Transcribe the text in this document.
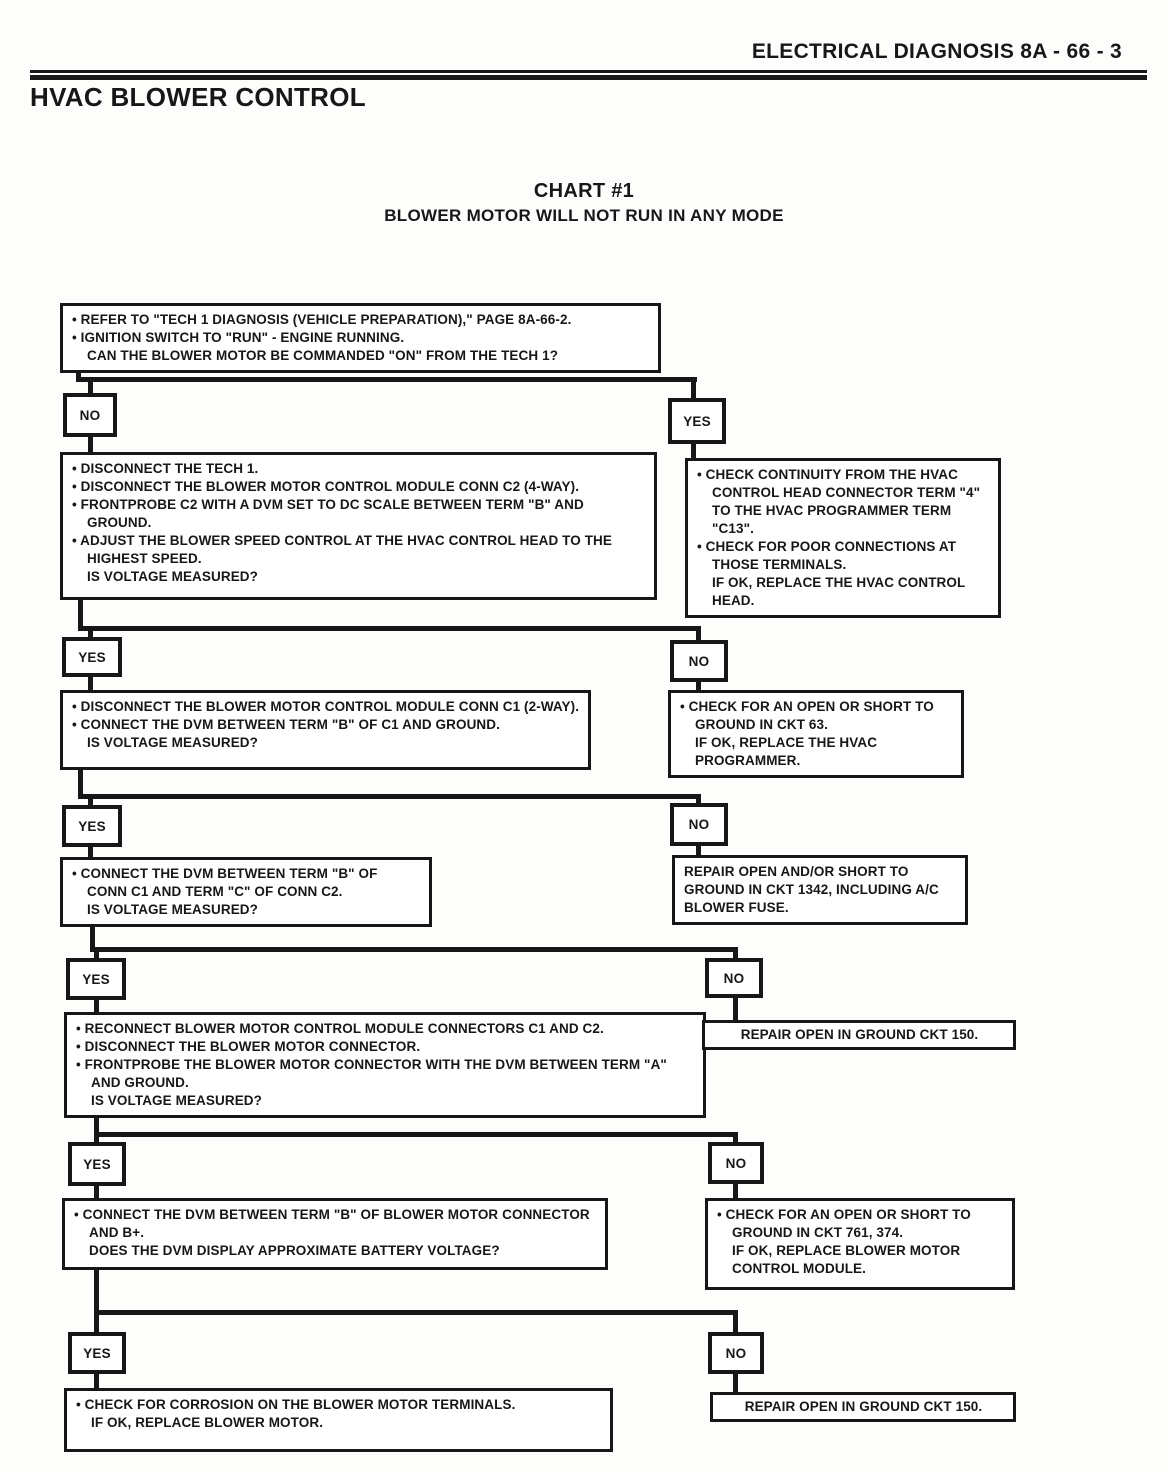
ELECTRICAL DIAGNOSIS 8A - 66 - 3
HVAC BLOWER CONTROL
CHART #1
BLOWER MOTOR WILL NOT RUN IN ANY MODE
• REFER TO "TECH 1 DIAGNOSIS (VEHICLE PREPARATION)," PAGE 8A-66-2.
• IGNITION SWITCH TO "RUN" - ENGINE RUNNING.
CAN THE BLOWER MOTOR BE COMMANDED "ON" FROM THE TECH 1?
• DISCONNECT THE TECH 1.
• DISCONNECT THE BLOWER MOTOR CONTROL MODULE CONN C2 (4-WAY).
• FRONTPROBE C2 WITH A DVM SET TO DC SCALE BETWEEN TERM "B" AND GROUND.
• ADJUST THE BLOWER SPEED CONTROL AT THE HVAC CONTROL HEAD TO THE HIGHEST SPEED.
IS VOLTAGE MEASURED?
• CHECK CONTINUITY FROM THE HVAC CONTROL HEAD CONNECTOR TERM "4" TO THE HVAC PROGRAMMER TERM "C13".
• CHECK FOR POOR CONNECTIONS AT THOSE TERMINALS.
IF OK, REPLACE THE HVAC CONTROL HEAD.
• DISCONNECT THE BLOWER MOTOR CONTROL MODULE CONN C1 (2-WAY).
• CONNECT THE DVM BETWEEN TERM "B" OF C1 AND GROUND.
IS VOLTAGE MEASURED?
• CHECK FOR AN OPEN OR SHORT TO GROUND IN CKT 63.
IF OK, REPLACE THE HVAC PROGRAMMER.
• CONNECT THE DVM BETWEEN TERM "B" OF CONN C1 AND TERM "C" OF CONN C2.
IS VOLTAGE MEASURED?
REPAIR OPEN AND/OR SHORT TO GROUND IN CKT 1342, INCLUDING A/C BLOWER FUSE.
• RECONNECT BLOWER MOTOR CONTROL MODULE CONNECTORS C1 AND C2.
• DISCONNECT THE BLOWER MOTOR CONNECTOR.
• FRONTPROBE THE BLOWER MOTOR CONNECTOR WITH THE DVM BETWEEN TERM "A" AND GROUND.
IS VOLTAGE MEASURED?
REPAIR OPEN IN GROUND CKT 150.
• CONNECT THE DVM BETWEEN TERM "B" OF BLOWER MOTOR CONNECTOR AND B+.
DOES THE DVM DISPLAY APPROXIMATE BATTERY VOLTAGE?
• CHECK FOR AN OPEN OR SHORT TO GROUND IN CKT 761, 374.
IF OK, REPLACE BLOWER MOTOR CONTROL MODULE.
• CHECK FOR CORROSION ON THE BLOWER MOTOR TERMINALS.
IF OK, REPLACE BLOWER MOTOR.
REPAIR OPEN IN GROUND CKT 150.
NO	YES
YES	NO
YES	NO
YES	NO
YES	NO
YES	NO
